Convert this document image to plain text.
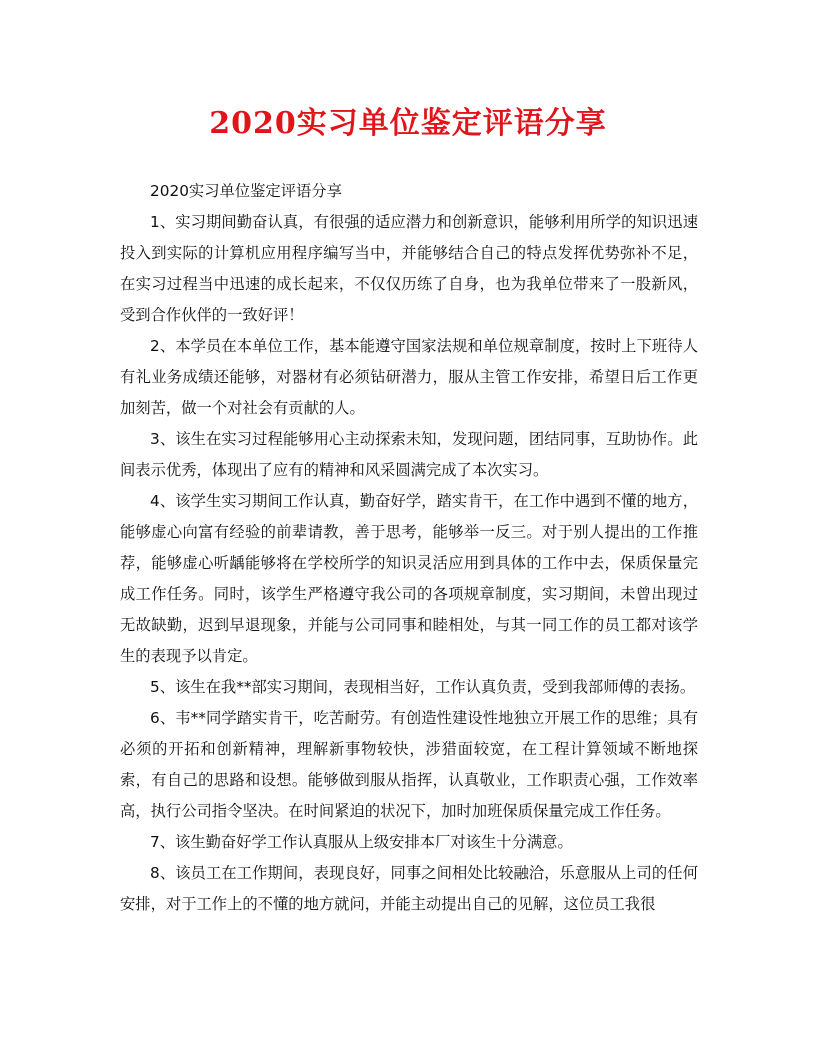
2020实习单位鉴定评语分享

2020实习单位鉴定评语分享

1、实习期间勤奋认真，有很强的适应潜力和创新意识，能够利用所学的知识迅速投入到实际的计算机应用程序编写当中，并能够结合自己的特点发挥优势弥补不足，在实习过程当中迅速的成长起来，不仅仅历练了自身，也为我单位带来了一股新风，受到合作伙伴的一致好评！

2、本学员在本单位工作，基本能遵守国家法规和单位规章制度，按时上下班待人有礼业务成绩还能够，对器材有必须钻研潜力，服从主管工作安排，希望日后工作更加刻苦，做一个对社会有贡献的人。

3、该生在实习过程能够用心主动探索未知，发现问题，团结同事，互助协作。此间表示优秀，体现出了应有的精神和风采圆满完成了本次实习。

4、该学生实习期间工作认真，勤奋好学，踏实肯干，在工作中遇到不懂的地方，能够虚心向富有经验的前辈请教，善于思考，能够举一反三。对于别人提出的工作推荐，能够虚心听龋能够将在学校所学的知识灵活应用到具体的工作中去，保质保量完成工作任务。同时，该学生严格遵守我公司的各项规章制度，实习期间，未曾出现过无故缺勤，迟到早退现象，并能与公司同事和睦相处，与其一同工作的员工都对该学生的表现予以肯定。

5、该生在我**部实习期间，表现相当好，工作认真负责，受到我部师傅的表扬。

6、韦**同学踏实肯干，吃苦耐劳。有创造性建设性地独立开展工作的思维；具有必须的开拓和创新精神，理解新事物较快，涉猎面较宽，在工程计算领域不断地探索，有自己的思路和设想。能够做到服从指挥，认真敬业，工作职责心强，工作效率高，执行公司指令坚决。在时间紧迫的状况下，加时加班保质保量完成工作任务。

7、该生勤奋好学工作认真服从上级安排本厂对该生十分满意。

8、该员工在工作期间，表现良好，同事之间相处比较融洽，乐意服从上司的任何安排，对于工作上的不懂的地方就问，并能主动提出自己的见解，这位员工我很
